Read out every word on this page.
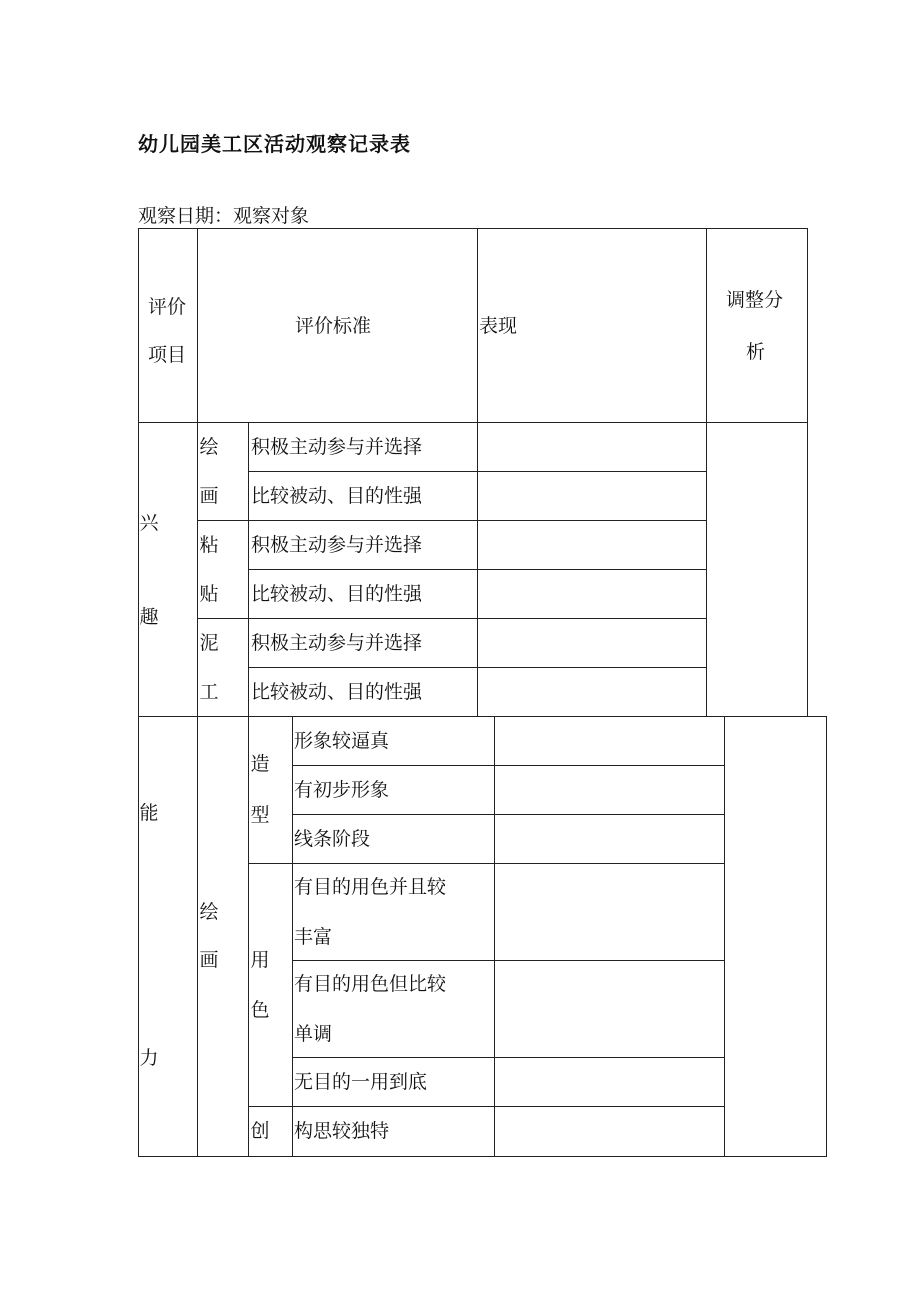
幼儿园美工区活动观察记录表
观察日期：观察对象
评价
项目
评价标准	表现
调整分
析
兴
趣
绘
画
积极主动参与并选择
比较被动、目的性强
粘
贴
积极主动参与并选择
比较被动、目的性强
泥
工
积极主动参与并选择
比较被动、目的性强
能
力
绘
画
造
型
形象较逼真
有初步形象
线条阶段
用
色
有目的用色并且较
丰富
有目的用色但比较
单调
无目的一用到底
创 构思较独特
